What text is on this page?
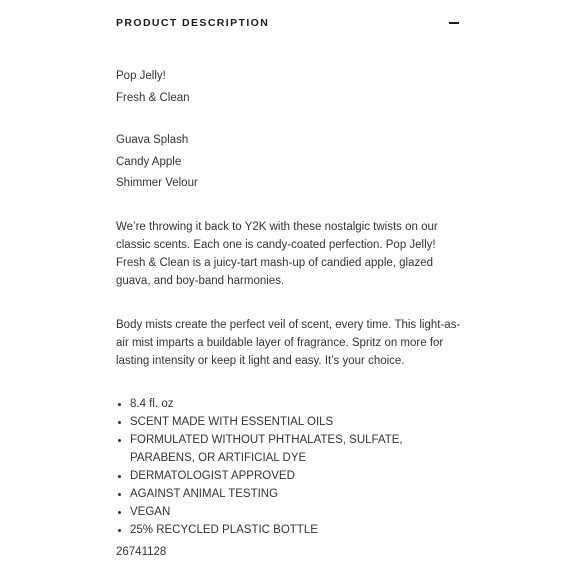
PRODUCT DESCRIPTION
Pop Jelly!
Fresh & Clean
Guava Splash
Candy Apple
Shimmer Velour

We’re throwing it back to Y2K with these nostalgic twists on our classic scents. Each one is candy-coated perfection. Pop Jelly! Fresh & Clean is a juicy-tart mash-up of candied apple, glazed guava, and boy-band harmonies.

Body mists create the perfect veil of scent, every time. This light-as-air mist imparts a buildable layer of fragrance. Spritz on more for lasting intensity or keep it light and easy. It’s your choice.

8.4 fl. oz
SCENT MADE WITH ESSENTIAL OILS
FORMULATED WITHOUT PHTHALATES, SULFATE, PARABENS, OR ARTIFICIAL DYE
DERMATOLOGIST APPROVED
AGAINST ANIMAL TESTING
VEGAN
25% RECYCLED PLASTIC BOTTLE
26741128
